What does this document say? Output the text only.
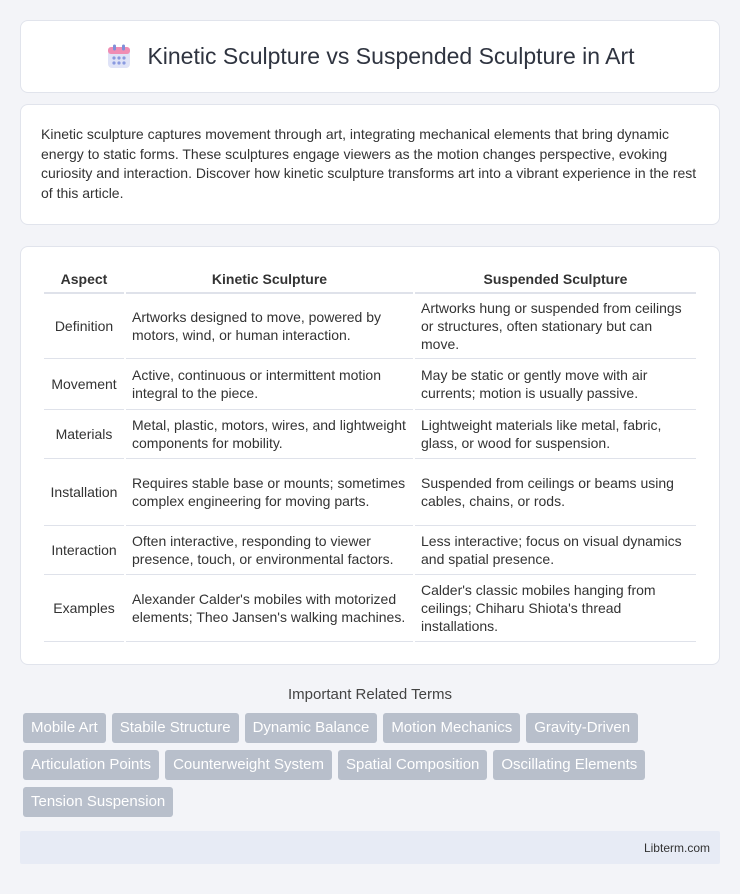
Kinetic Sculpture vs Suspended Sculpture in Art

Kinetic sculpture captures movement through art, integrating mechanical elements that bring dynamic energy to static forms. These sculptures engage viewers as the motion changes perspective, evoking curiosity and interaction. Discover how kinetic sculpture transforms art into a vibrant experience in the rest of this article.

Aspect	Kinetic Sculpture	Suspended Sculpture
Definition	Artworks designed to move, powered by motors, wind, or human interaction.	Artworks hung or suspended from ceilings or structures, often stationary but can move.
Movement	Active, continuous or intermittent motion integral to the piece.	May be static or gently move with air currents; motion is usually passive.
Materials	Metal, plastic, motors, wires, and lightweight components for mobility.	Lightweight materials like metal, fabric, glass, or wood for suspension.
Installation	Requires stable base or mounts; sometimes complex engineering for moving parts.	Suspended from ceilings or beams using cables, chains, or rods.
Interaction	Often interactive, responding to viewer presence, touch, or environmental factors.	Less interactive; focus on visual dynamics and spatial presence.
Examples	Alexander Calder's mobiles with motorized elements; Theo Jansen's walking machines.	Calder's classic mobiles hanging from ceilings; Chiharu Shiota's thread installations.
Important Related Terms
Mobile Art	Stabile Structure	Dynamic Balance	Motion Mechanics	Gravity-Driven
Articulation Points	Counterweight System	Spatial Composition	Oscillating Elements
Tension Suspension
Libterm.com
